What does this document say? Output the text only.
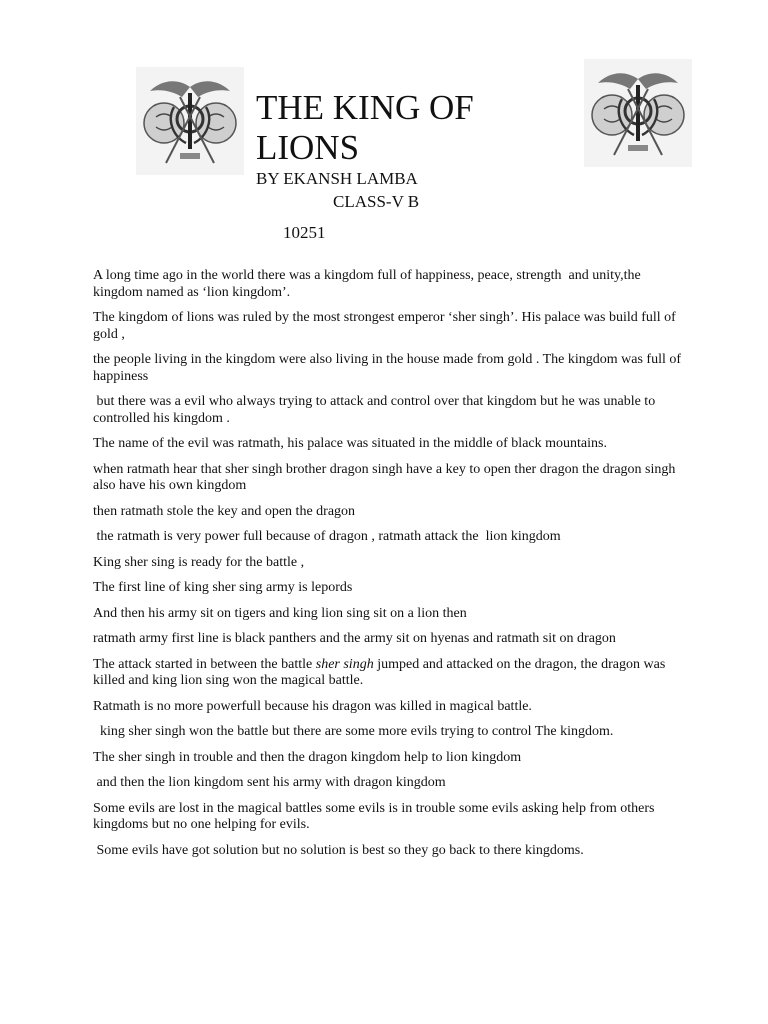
THE KING OF LIONS
BY EKANSH LAMBA
CLASS-V B
10251

A long time ago in the world there was a kingdom full of happiness, peace, strength  and unity,the kingdom named as ‘lion kingdom’.

The kingdom of lions was ruled by the most strongest emperor ‘sher singh’. His palace was build full of gold ,

the people living in the kingdom were also living in the house made from gold . The kingdom was full of happiness

but there was a evil who always trying to attack and control over that kingdom but he was unable to controlled his kingdom .

The name of the evil was ratmath, his palace was situated in the middle of black mountains.

when ratmath hear that sher singh brother dragon singh have a key to open ther dragon the dragon singh also have his own kingdom

then ratmath stole the key and open the dragon

the ratmath is very power full because of dragon , ratmath attack the  lion kingdom

King sher sing is ready for the battle ,

The first line of king sher sing army is lepords

And then his army sit on tigers and king lion sing sit on a lion then

ratmath army first line is black panthers and the army sit on hyenas and ratmath sit on dragon

The attack started in between the battle sher singh jumped and attacked on the dragon, the dragon was killed and king lion sing won the magical battle.

Ratmath is no more powerfull because his dragon was killed in magical battle.

king sher singh won the battle but there are some more evils trying to control The kingdom.

The sher singh in trouble and then the dragon kingdom help to lion kingdom

and then the lion kingdom sent his army with dragon kingdom

Some evils are lost in the magical battles some evils is in trouble some evils asking help from others kingdoms but no one helping for evils.

Some evils have got solution but no solution is best so they go back to there kingdoms.
